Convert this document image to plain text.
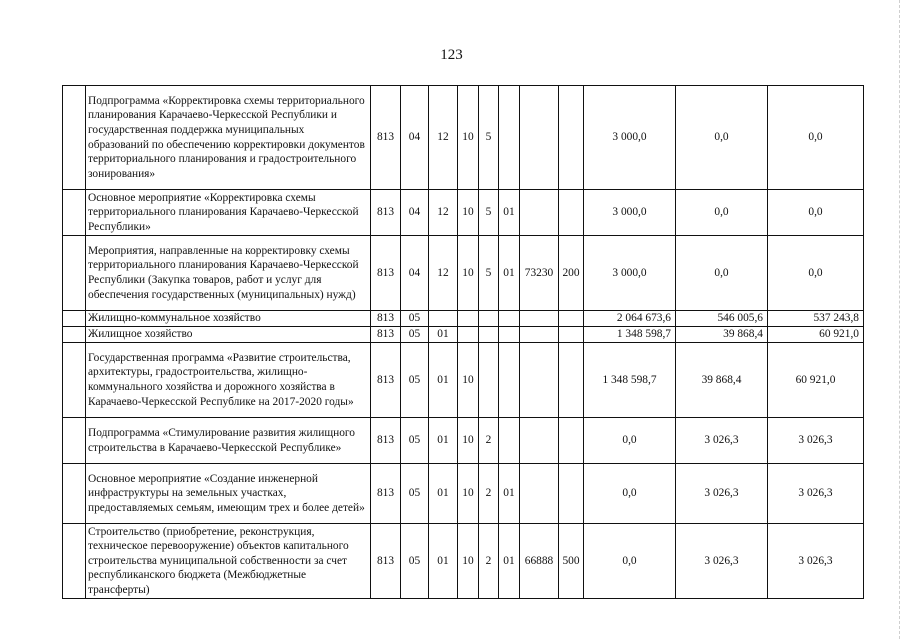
123
	Подпрограмма «Корректировка схемы территориального планирования Карачаево-Черкесской Республики и государственная поддержка муниципальных образований по обеспечению корректировки документов территориального планирования и градостроительного зонирования»	813	04	12	10	5				3 000,0	0,0	0,0
	Основное мероприятие «Корректировка схемы территориального планирования Карачаево-Черкесской Республики»	813	04	12	10	5	01			3 000,0	0,0	0,0
	Мероприятия, направленные на корректировку схемы территориального планирования Карачаево-Черкесской Республики (Закупка товаров, работ и услуг для обеспечения государственных (муниципальных) нужд)	813	04	12	10	5	01	73230	200	3 000,0	0,0	0,0
	Жилищно-коммунальное хозяйство	813	05							2 064 673,6	546 005,6	537 243,8
	Жилищное хозяйство	813	05	01						1 348 598,7	39 868,4	60 921,0
	Государственная программа «Развитие строительства, архитектуры, градостроительства, жилищно-коммунального хозяйства и дорожного хозяйства в Карачаево-Черкесской Республике на 2017-2020 годы»	813	05	01	10					1 348 598,7	39 868,4	60 921,0
	Подпрограмма «Стимулирование развития жилищного строительства в Карачаево-Черкесской Республике»	813	05	01	10	2				0,0	3 026,3	3 026,3
	Основное мероприятие «Создание инженерной инфраструктуры на земельных участках, предоставляемых семьям, имеющим трех и более детей»	813	05	01	10	2	01			0,0	3 026,3	3 026,3
	Строительство (приобретение, реконструкция, техническое перевооружение) объектов капитального строительства муниципальной собственности за счет республиканского бюджета (Межбюджетные трансферты)	813	05	01	10	2	01	66888	500	0,0	3 026,3	3 026,3
